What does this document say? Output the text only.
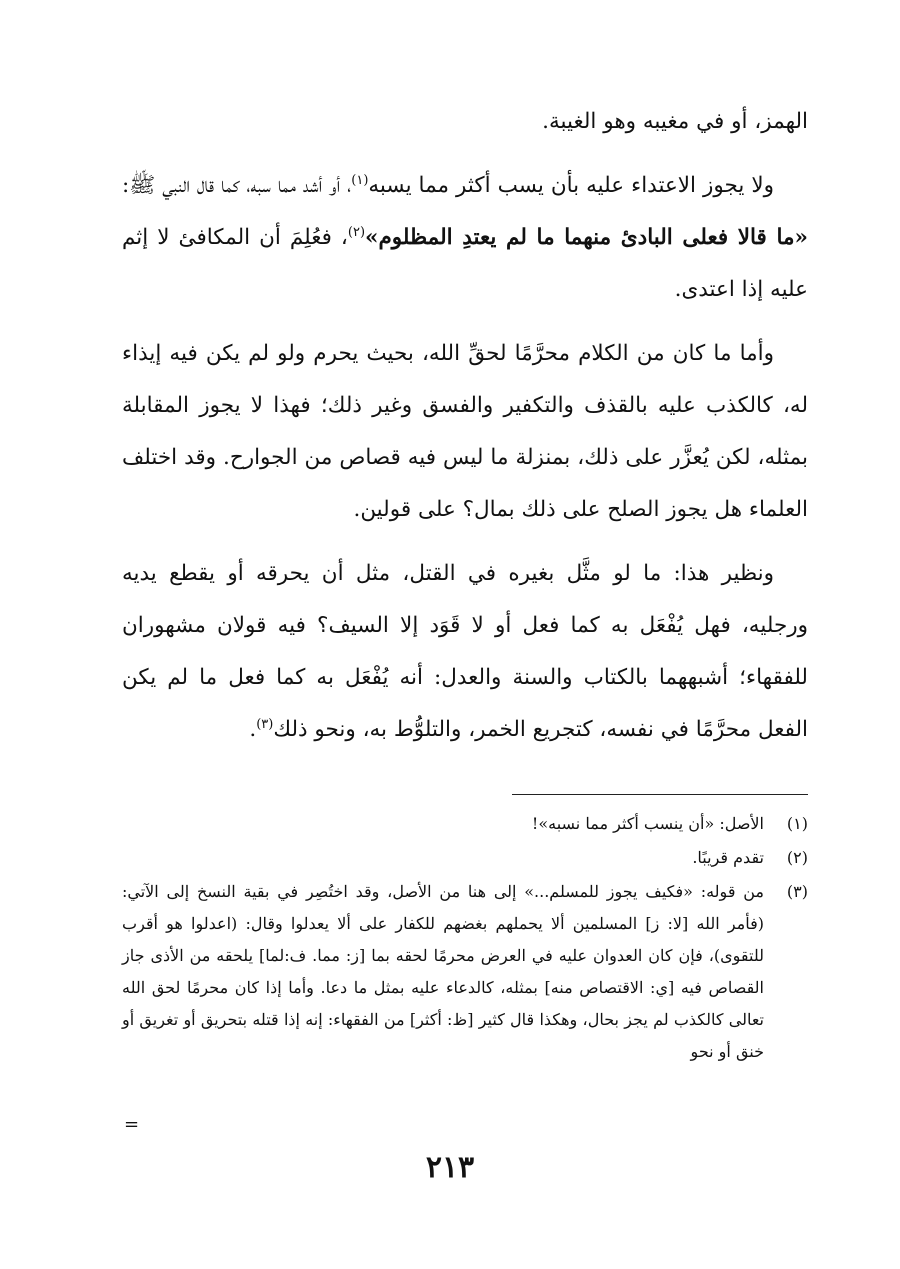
الهمز، أو في مغيبه وهو الغيبة.

ولا يجوز الاعتداء عليه بأن يسب أكثر مما يسبه$^{(١)}$، أو أشد مما سبه، كما قال النبي ﷺ: «ما قالا فعلى البادئ منهما ما لم يعتدِ المظلوم»$^{(٢)}$، فعُلِمَ أن المكافئ لا إثم عليه إذا اعتدى.

وأما ما كان من الكلام محرَّمًا لحقِّ الله، بحيث يحرم ولو لم يكن فيه إيذاء له، كالكذب عليه بالقذف والتكفير والفسق وغير ذلك؛ فهذا لا يجوز المقابلة بمثله، لكن يُعزَّر على ذلك، بمنزلة ما ليس فيه قصاص من الجوارح. وقد اختلف العلماء هل يجوز الصلح على ذلك بمال؟ على قولين.

ونظير هذا: ما لو مثَّل بغيره في القتل، مثل أن يحرقه أو يقطع يديه ورجليه، فهل يُفْعَل به كما فعل أو لا قَوَد إلا السيف؟ فيه قولان مشهوران للفقهاء؛ أشبههما بالكتاب والسنة والعدل: أنه يُفْعَل به كما فعل ما لم يكن الفعل محرَّمًا في نفسه، كتجريع الخمر، والتلوُّط به، ونحو ذلك$^{(٣)}$.

(١)
الأصل: «أن ينسب أكثر مما نسبه»!
(٢)
تقدم قريبًا.
(٣)
من قوله: «فكيف يجوز للمسلم...» إلى هنا من الأصل، وقد اختُصِر في بقية النسخ إلى الآتي: (فأمر الله [لا: ز] المسلمين ألا يحملهم بغضهم للكفار على ألا يعدلوا وقال: (اعدلوا هو أقرب للتقوى)، فإن كان العدوان عليه في العرض محرمًا لحقه بما [ز: مما. ف:لما] يلحقه من الأذى جاز القصاص فيه [ي: الاقتصاص منه] بمثله، كالدعاء عليه بمثل ما دعا. وأما إذا كان محرمًا لحق الله تعالى كالكذب لم يجز بحال، وهكذا قال كثير [ظ: أكثر] من الفقهاء: إنه إذا قتله بتحريق أو تغريق أو خنق أو نحو
=
٢١٣
